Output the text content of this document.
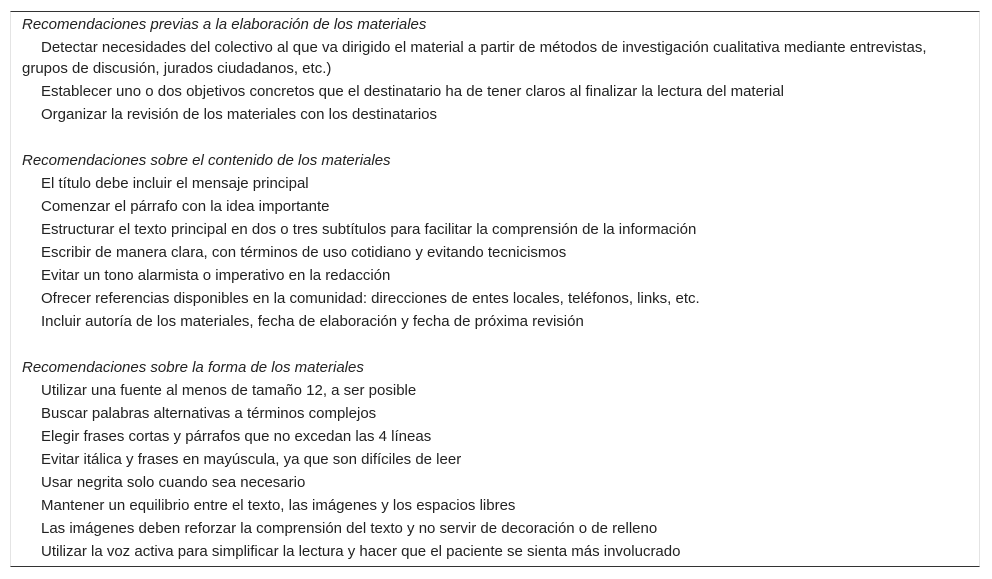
Recomendaciones previas a la elaboración de los materiales
Detectar necesidades del colectivo al que va dirigido el material a partir de métodos de investigación cualitativa mediante entrevistas, grupos de discusión, jurados ciudadanos, etc.)
Establecer uno o dos objetivos concretos que el destinatario ha de tener claros al finalizar la lectura del material
Organizar la revisión de los materiales con los destinatarios
Recomendaciones sobre el contenido de los materiales
El título debe incluir el mensaje principal
Comenzar el párrafo con la idea importante
Estructurar el texto principal en dos o tres subtítulos para facilitar la comprensión de la información
Escribir de manera clara, con términos de uso cotidiano y evitando tecnicismos
Evitar un tono alarmista o imperativo en la redacción
Ofrecer referencias disponibles en la comunidad: direcciones de entes locales, teléfonos, links, etc.
Incluir autoría de los materiales, fecha de elaboración y fecha de próxima revisión
Recomendaciones sobre la forma de los materiales
Utilizar una fuente al menos de tamaño 12, a ser posible
Buscar palabras alternativas a términos complejos
Elegir frases cortas y párrafos que no excedan las 4 líneas
Evitar itálica y frases en mayúscula, ya que son difíciles de leer
Usar negrita solo cuando sea necesario
Mantener un equilibrio entre el texto, las imágenes y los espacios libres
Las imágenes deben reforzar la comprensión del texto y no servir de decoración o de relleno
Utilizar la voz activa para simplificar la lectura y hacer que el paciente se sienta más involucrado
